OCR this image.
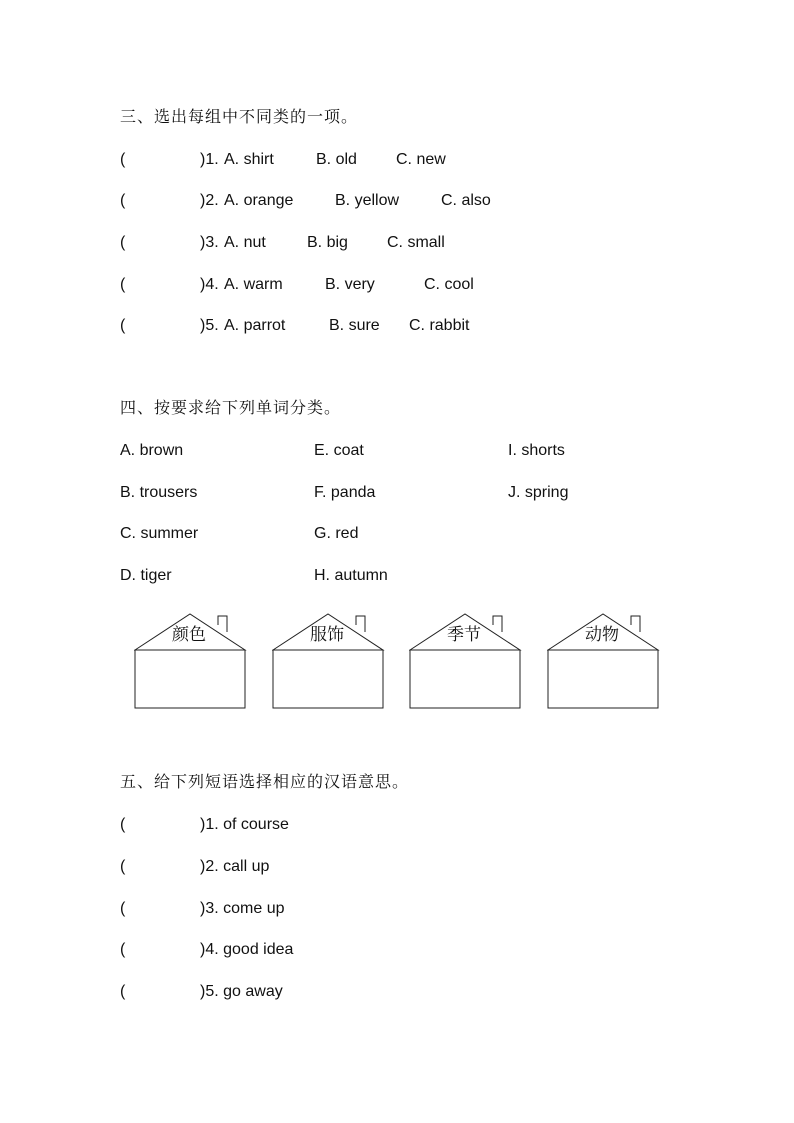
三、选出每组中不同类的一项。
(	)1. A. shirt	B. old C. new
(	)2. A. orange	B. yellow	C. also
(	)3. A. nut	B. big C. small
(	)4. A. warm	B. very	C. cool
(	)5. A. parrot	B. sure C. rabbit
四、按要求给下列单词分类。
A. brown	E. coat	I. shorts
B. trousers	F. panda	J. spring
C. summer	G. red
D. tiger	H. autumn
颜色	服饰	季节	动物
五、给下列短语选择相应的汉语意思。
(	)1. of course
(	)2. call up
(	)3. come up
(	)4. good idea
(	)5. go away
